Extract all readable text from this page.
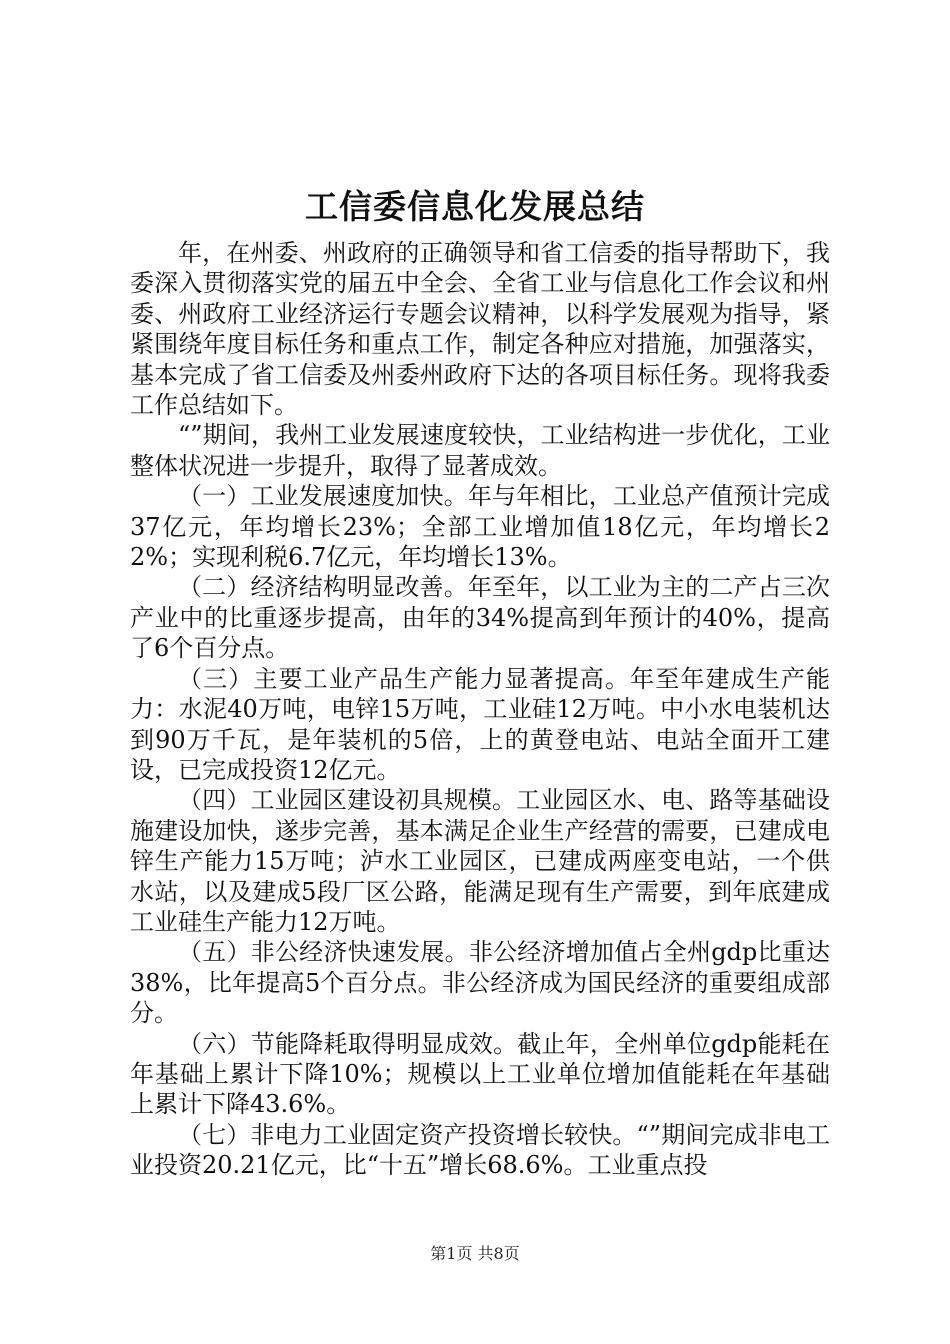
工信委信息化发展总结

年，在州委、州政府的正确领导和省工信委的指导帮助下，我委深入贯彻落实党的届五中全会、全省工业与信息化工作会议和州委、州政府工业经济运行专题会议精神，以科学发展观为指导，紧紧围绕年度目标任务和重点工作，制定各种应对措施，加强落实，基本完成了省工信委及州委州政府下达的各项目标任务。现将我委工作总结如下。

“”期间，我州工业发展速度较快，工业结构进一步优化，工业整体状况进一步提升，取得了显著成效。

（一）工业发展速度加快。年与年相比，工业总产值预计完成37亿元，年均增长23%；全部工业增加值18亿元，年均增长22%；实现利税6.7亿元，年均增长13%。

（二）经济结构明显改善。年至年，以工业为主的二产占三次产业中的比重逐步提高，由年的34%提高到年预计的40%，提高了6个百分点。

（三）主要工业产品生产能力显著提高。年至年建成生产能力：水泥40万吨，电锌15万吨，工业硅12万吨。中小水电装机达到90万千瓦，是年装机的5倍，上的黄登电站、电站全面开工建设，已完成投资12亿元。

（四）工业园区建设初具规模。工业园区水、电、路等基础设施建设加快，遂步完善，基本满足企业生产经营的需要，已建成电锌生产能力15万吨；泸水工业园区，已建成两座变电站，一个供水站，以及建成5段厂区公路，能满足现有生产需要，到年底建成工业硅生产能力12万吨。

（五）非公经济快速发展。非公经济增加值占全州gdp比重达38%，比年提高5个百分点。非公经济成为国民经济的重要组成部分。

（六）节能降耗取得明显成效。截止年，全州单位gdp能耗在年基础上累计下降10%；规模以上工业单位增加值能耗在年基础上累计下降43.6%。

（七）非电力工业固定资产投资增长较快。“”期间完成非电工业投资20.21亿元，比“十五”增长68.6%。工业重点投

第1页 共8页
